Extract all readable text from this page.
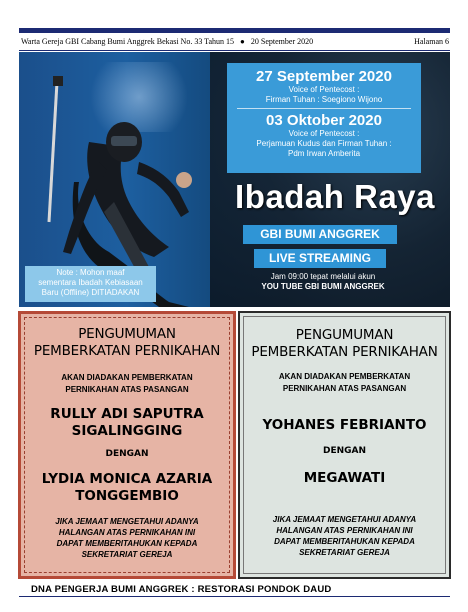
Warta Gereja GBI Cabang Bumi Anggrek Bekasi No. 33 Tahun 15 ● 20 September 2020	Halaman 6
27 September 2020
Voice of Pentecost :
Firman Tuhan : Soegiono Wijono
03 Oktober 2020
Voice of Pentecost :
Perjamuan Kudus dan Firman Tuhan :
Pdm Irwan Amberita
Ibadah Raya
GBI BUMI ANGGREK
LIVE STREAMING
Jam 09:00 tepat melalui akun
YOU TUBE GBI BUMI ANGGREK
Note : Mohon maaf
sementara Ibadah Kebiasaan
Baru (Offline) DITIADAKAN
PENGUMUMAN
PEMBERKATAN PERNIKAHAN
AKAN DIADAKAN PEMBERKATAN
PERNIKAHAN ATAS PASANGAN
RULLY ADI SAPUTRA
SIGALINGGING
DENGAN
LYDIA MONICA AZARIA
TONGGEMBIO
JIKA JEMAAT MENGETAHUI ADANYA
HALANGAN ATAS PERNIKAHAN INI
DAPAT MEMBERITAHUKAN KEPADA
SEKRETARIAT GEREJA
PENGUMUMAN
PEMBERKATAN PERNIKAHAN
AKAN DIADAKAN PEMBERKATAN
PERNIKAHAN ATAS PASANGAN
YOHANES FEBRIANTO
DENGAN
MEGAWATI
JIKA JEMAAT MENGETAHUI ADANYA
HALANGAN ATAS PERNIKAHAN INI
DAPAT MEMBERITAHUKAN KEPADA
SEKRETARIAT GEREJA
DNA PENGERJA BUMI ANGGREK : RESTORASI PONDOK DAUD
